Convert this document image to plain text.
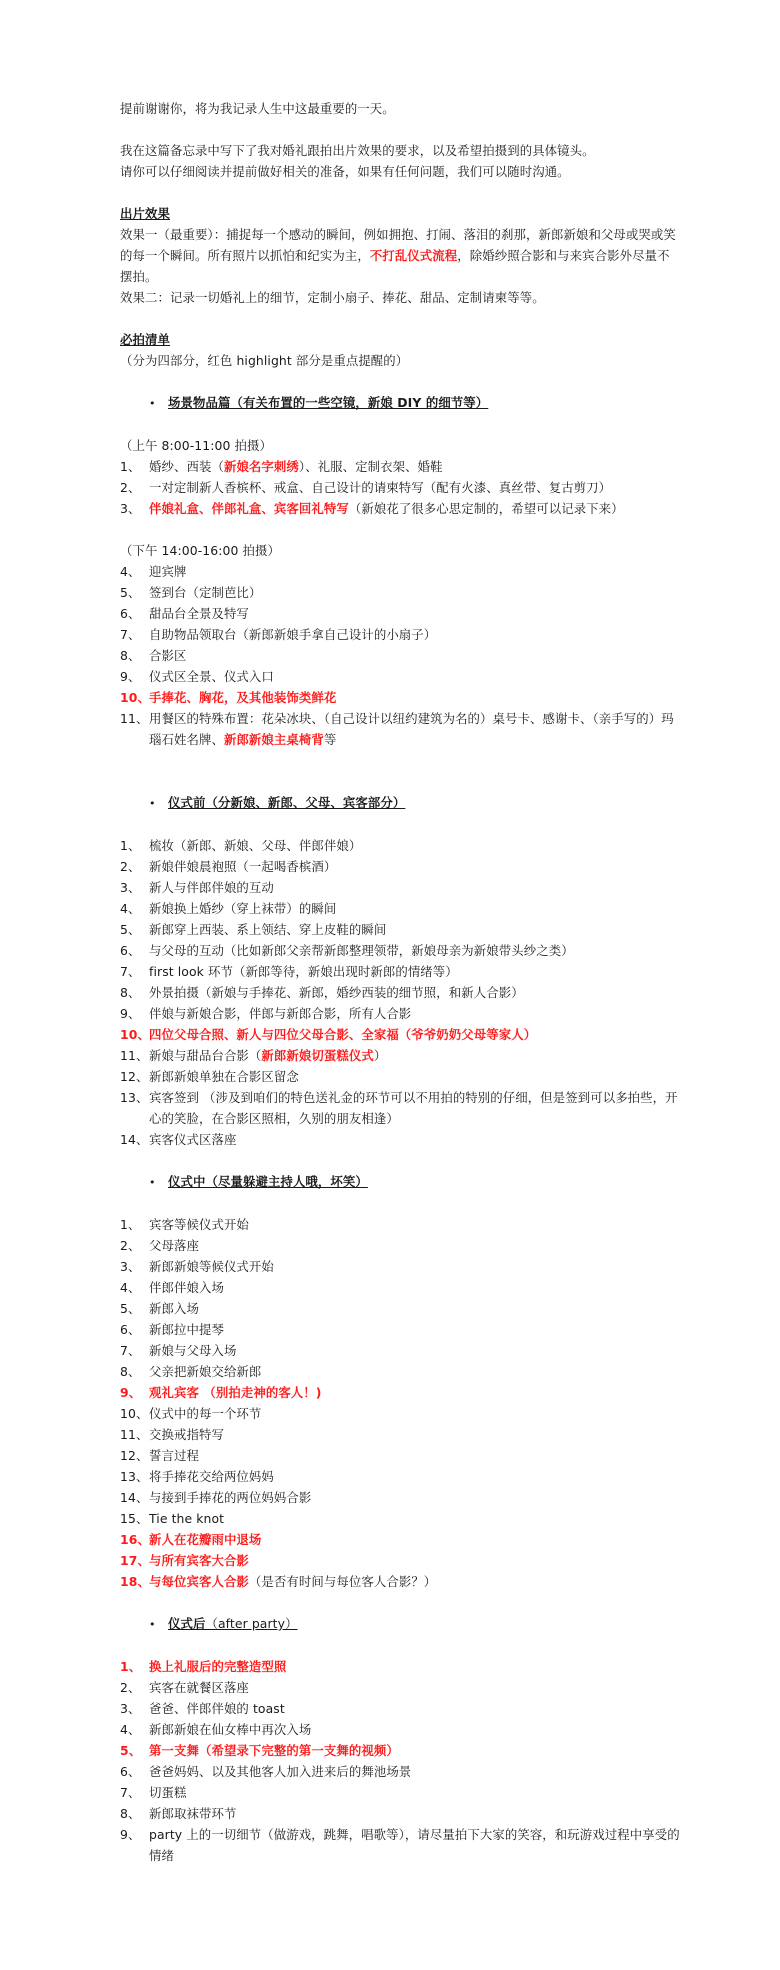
提前谢谢你，将为我记录人生中这最重要的一天。

我在这篇备忘录中写下了我对婚礼跟拍出片效果的要求，以及希望拍摄到的具体镜头。

请你可以仔细阅读并提前做好相关的准备，如果有任何问题，我们可以随时沟通。

出片效果

效果一（最重要）：捕捉每一个感动的瞬间，例如拥抱、打闹、落泪的刹那，新郎新娘和父母或哭或笑的每一个瞬间。所有照片以抓怕和纪实为主，不打乱仪式流程，除婚纱照合影和与来宾合影外尽量不摆拍。

效果二：记录一切婚礼上的细节，定制小扇子、捧花、甜品、定制请柬等等。

必拍清单

（分为四部分，红色 highlight 部分是重点提醒的）

•	场景物品篇（有关布置的一些空镜，新娘 DIY 的细节等）

（上午 8:00-11:00 拍摄）

1、 婚纱、西装（新娘名字刺绣）、礼服、定制衣架、婚鞋
2、 一对定制新人香槟杯、戒盒、自己设计的请柬特写（配有火漆、真丝带、复古剪刀）
3、 伴娘礼盒、伴郎礼盒、宾客回礼特写（新娘花了很多心思定制的，希望可以记录下来）

（下午 14:00-16:00 拍摄）

4、 迎宾牌
5、 签到台（定制芭比）
6、 甜品台全景及特写
7、 自助物品领取台（新郎新娘手拿自己设计的小扇子）
8、 合影区
9、 仪式区全景、仪式入口
10、 手捧花、胸花，及其他装饰类鲜花
11、 用餐区的特殊布置：花朵冰块、（自己设计以纽约建筑为名的）桌号卡、感谢卡、（亲手写的）玛瑙石姓名牌、新郎新娘主桌椅背等
•	仪式前（分新娘、新郎、父母、宾客部分）
1、 梳妆（新郎、新娘、父母、伴郎伴娘）
2、 新娘伴娘晨袍照（一起喝香槟酒）
3、 新人与伴郎伴娘的互动
4、 新娘换上婚纱（穿上袜带）的瞬间
5、 新郎穿上西装、系上领结、穿上皮鞋的瞬间
6、 与父母的互动（比如新郎父亲帮新郎整理领带，新娘母亲为新娘带头纱之类）
7、 first look 环节（新郎等待，新娘出现时新郎的情绪等）
8、 外景拍摄（新娘与手捧花、新郎，婚纱西装的细节照，和新人合影）
9、 伴娘与新娘合影，伴郎与新郎合影，所有人合影
10、 四位父母合照、新人与四位父母合影、全家福（爷爷奶奶父母等家人）
11、 新娘与甜品台合影（新郎新娘切蛋糕仪式）
12、 新郎新娘单独在合影区留念
13、 宾客签到 （涉及到咱们的特色送礼金的环节可以不用拍的特别的仔细，但是签到可以多拍些，开心的笑脸，在合影区照相，久别的朋友相逢）
14、 宾客仪式区落座
•	仪式中（尽量躲避主持人哦，坏笑）
1、 宾客等候仪式开始
2、 父母落座
3、 新郎新娘等候仪式开始
4、 伴郎伴娘入场
5、 新郎入场
6、 新郎拉中提琴
7、 新娘与父母入场
8、 父亲把新娘交给新郎
9、 观礼宾客 （别拍走神的客人！)
10、 仪式中的每一个环节
11、 交换戒指特写
12、 誓言过程
13、 将手捧花交给两位妈妈
14、 与接到手捧花的两位妈妈合影
15、 Tie the knot
16、 新人在花瓣雨中退场
17、 与所有宾客大合影
18、 与每位宾客人合影（是否有时间与每位客人合影？）
•	仪式后（after party）
1、 换上礼服后的完整造型照
2、 宾客在就餐区落座
3、 爸爸、伴郎伴娘的 toast
4、 新郎新娘在仙女棒中再次入场
5、 第一支舞（希望录下完整的第一支舞的视频）
6、 爸爸妈妈、以及其他客人加入进来后的舞池场景
7、 切蛋糕
8、 新郎取袜带环节
9、 party 上的一切细节（做游戏，跳舞，唱歌等），请尽量拍下大家的笑容，和玩游戏过程中享受的情绪
